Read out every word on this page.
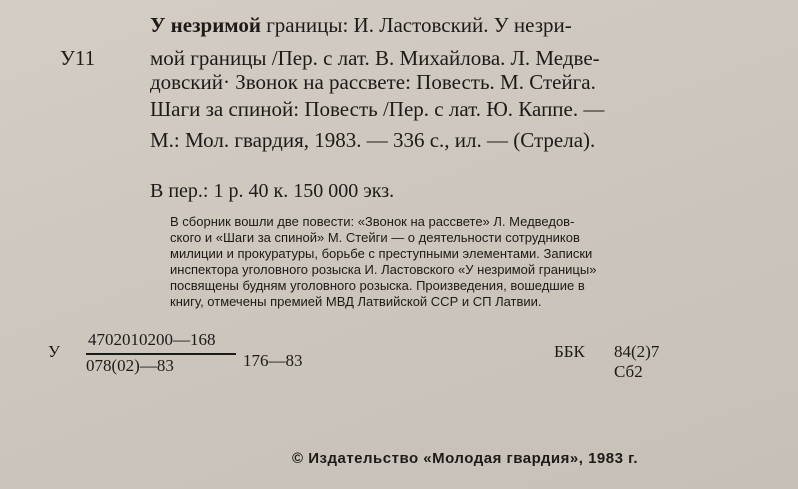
У незримой границы: И. Ластовский. У незри-
У11	мой границы /Пер. с лат. В. Михайлова. Л. Медве-
довский· Звонок на рассвете: Повесть. М. Стейга.
Шаги за спиной: Повесть /Пер. с лат. Ю. Каппе. —
М.: Мол. гвардия, 1983. — 336 с., ил. — (Стрела).
В пер.: 1 р. 40 к. 150 000 экз.
В сборник вошли две повести: «Звонок на рассвете» Л. Медведов-
ского и «Шаги за спиной» М. Стейги — о деятельности сотрудников
милиции и прокуратуры, борьбе с преступными элементами. Записки
инспектора уголовного розыска И. Ластовского «У незримой границы»
посвящены будням уголовного розыска. Произведения, вошедшие в
книгу, отмечены премией МВД Латвийской ССР и СП Латвии.
У
4702010200—168
078(02)—83	176—83	ББК 84(2)7
Сб2
© Издательство «Молодая гвардия», 1983 г.
